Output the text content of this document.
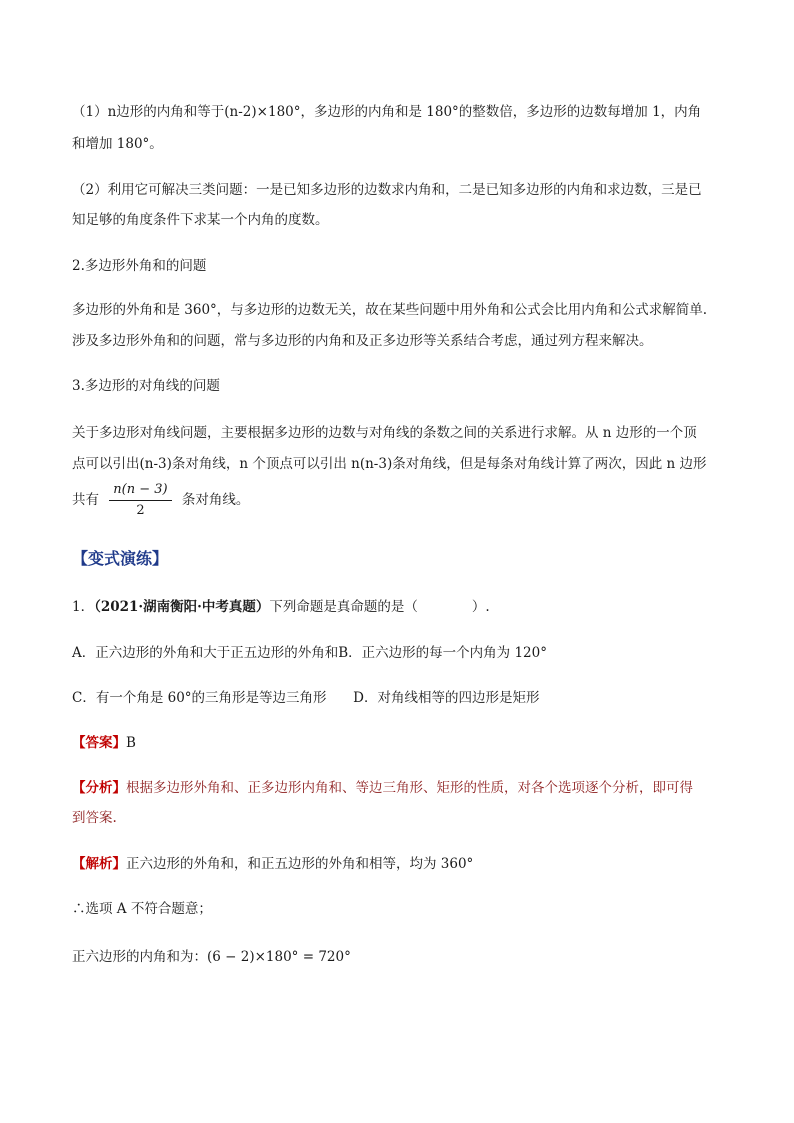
（1）n边形的内角和等于(n-2)×180°，多边形的内角和是 180°的整数倍，多边形的边数每增加 1，内角
和增加 180°。
（2）利用它可解决三类问题：一是已知多边形的边数求内角和，二是已知多边形的内角和求边数，三是已
知足够的角度条件下求某一个内角的度数。
2.多边形外角和的问题
多边形的外角和是 360°，与多边形的边数无关，故在某些问题中用外角和公式会比用内角和公式求解简单.
涉及多边形外角和的问题，常与多边形的内角和及正多边形等关系结合考虑，通过列方程来解决。
3.多边形的对角线的问题
关于多边形对角线问题，主要根据多边形的边数与对角线的条数之间的关系进行求解。从 n 边形的一个顶
点可以引出(n-3)条对角线，n 个顶点可以引出 n(n-3)条对角线，但是每条对角线计算了两次，因此 n 边形
共有 $\frac{n(n - 3)}{2}$ 条对角线。
【变式演练】
1．（2021·湖南衡阳·中考真题）下列命题是真命题的是（　　　　）.
A．正六边形的外角和大于正五边形的外角和B．正六边形的每一个内角为 120°
C．有一个角是 60°的三角形是等边三角形 D．对角线相等的四边形是矩形
【答案】B
【分析】根据多边形外角和、正多边形内角和、等边三角形、矩形的性质，对各个选项逐个分析，即可得
到答案.
【解析】正六边形的外角和，和正五边形的外角和相等，均为 360°
∴选项 A 不符合题意；
正六边形的内角和为：(6 − 2)×180° = 720°
